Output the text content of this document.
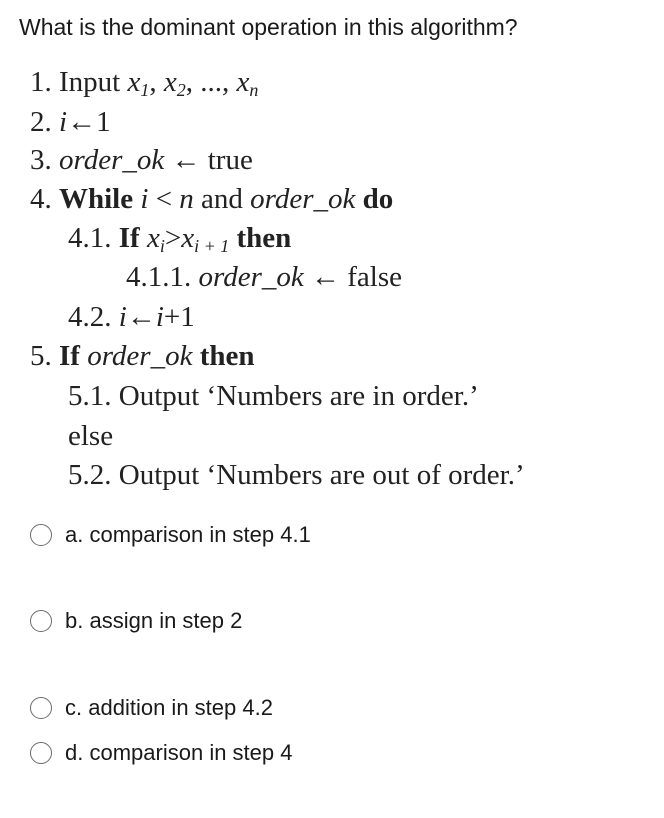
What is the dominant operation in this algorithm?
1. Input $x_1$, $x_2$, ..., $x_n$
2. i←1
3. order_ok ← true
4. While i < n and order_ok do
4.1. If $x_i>x_{i + 1}$ then
4.1.1. order_ok ← false
4.2. i←i+1
5. If order_ok then
5.1. Output ‘Numbers are in order.’
else
5.2. Output ‘Numbers are out of order.’
a.
comparison in step 4.1
b.
assign in step 2
c.
addition in step 4.2
d.
comparison in step 4
